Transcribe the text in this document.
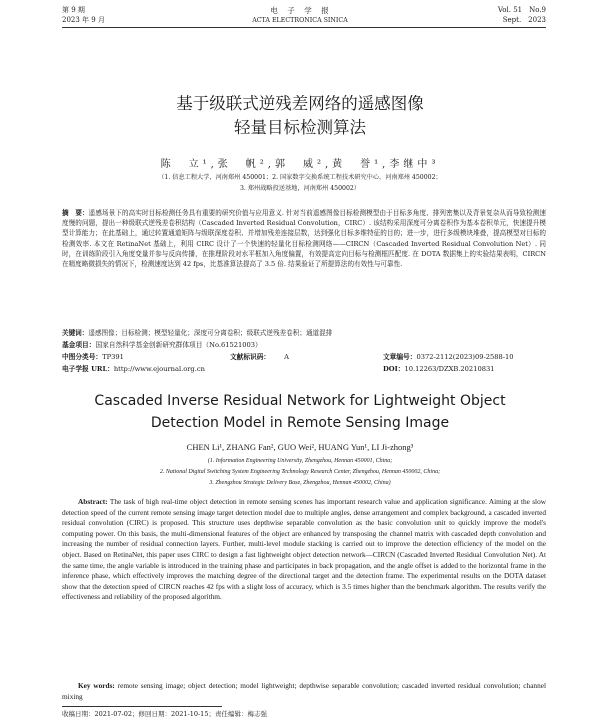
第 9 期
2023 年 9 月
电　子　学　报
ACTA ELECTRONICA SINICA
Vol. 51　No.9
Sept.　2023
基于级联式逆残差网络的遥感图像
轻量目标检测算法
陈　立¹,张　帆²,郭　威²,黄　誉¹,李继中³
（1. 信息工程大学，河南郑州 450001；2. 国家数字交换系统工程技术研究中心，河南郑州 450002；
3. 郑州战略投送基地，河南郑州 450002）
摘　要：遥感场景下的高实时目标检测任务具有重要的研究价值与应用意义. 针对当前遥感图像目标检测模型由于目标多角度、排列密集以及背景复杂从而导致检测速度慢的问题，提出一种级联式逆残差卷积结构（Cascaded Inverted Residual Convolution，CIRC）. 该结构采用深度可分离卷积作为基本卷积单元，快速提升模型计算能力；在此基础上，通过转置通道矩阵与级联深度卷积、并增加残差连接层数，达到强化目标多维特征的目的；进一步，进行多级模块堆叠，提高模型对目标的检测效率. 本文在 RetinaNet 基础上，利用 CIRC 设计了一个快速的轻量化目标检测网络——CIRCN（Cascaded Inverted Residual Convolution Net）. 同时，在训练阶段引入角度变量并参与反向传播，在推理阶段对水平框加入角度偏置，有效提高定向目标与检测框匹配度. 在 DOTA 数据集上的实验结果表明，CIRCN 在精度略微损失的情况下，检测速度达到 42 fps，比基准算法提高了 3.5 倍. 结果验证了所提算法的有效性与可靠性.
关键词：遥感图像；目标检测；模型轻量化；深度可分离卷积；级联式逆残差卷积；通道混排
基金项目：国家自然科学基金创新研究群体项目（No.61521003）
中图分类号：TP391	文献标识码： A	文章编号：0372-2112(2023)09-2588-10
电子学报 URL：http://www.ejournal.org.cn	DOI：10.12263/DZXB.20210831
Cascaded Inverse Residual Network for Lightweight Object
Detection Model in Remote Sensing Image
CHEN Li¹, ZHANG Fan², GUO Wei², HUANG Yun¹, LI Ji-zhong³
(1. Information Engineering University, Zhengzhou, Hennan 450001, China;
2. National Digital Switching System Engineering Technology Research Center, Zhengzhou, Hennan 450002, China;
3. Zhengzhou Strategic Delivery Base, Zhengzhou, Hennan 450002, China)
Abstract: The task of high real-time object detection in remote sensing scenes has important research value and application significance. Aiming at the slow detection speed of the current remote sensing image target detection model due to multiple angles, dense arrangement and complex background, a cascaded inverted residual convolution (CIRC) is proposed. This structure uses depthwise separable convolution as the basic convolution unit to quickly improve the model's computing power. On this basis, the multi-dimensional features of the object are enhanced by transposing the channel matrix with cascaded depth convolution and increasing the number of residual connection layers. Further, multi-level module stacking is carried out to improve the detection efficiency of the model on the object. Based on RetinaNet, this paper uses CIRC to design a fast lightweight object detection network—CIRCN (Cascaded Inverted Residual Convolution Net). At the same time, the angle variable is introduced in the training phase and participates in back propagation, and the angle offset is added to the horizontal frame in the inference phase, which effectively improves the matching degree of the directional target and the detection frame. The experimental results on the DOTA dataset show that the detection speed of CIRCN reaches 42 fps with a slight loss of accuracy, which is 3.5 times higher than the benchmark algorithm. The results verify the effectiveness and reliability of the proposed algorithm.
Key words: remote sensing image; object detection; model lightweight; depthwise separable convolution; cascaded inverted residual convolution; channel mixing
收稿日期：2021-07-02；修回日期：2021-10-15；责任编辑：梅志强
